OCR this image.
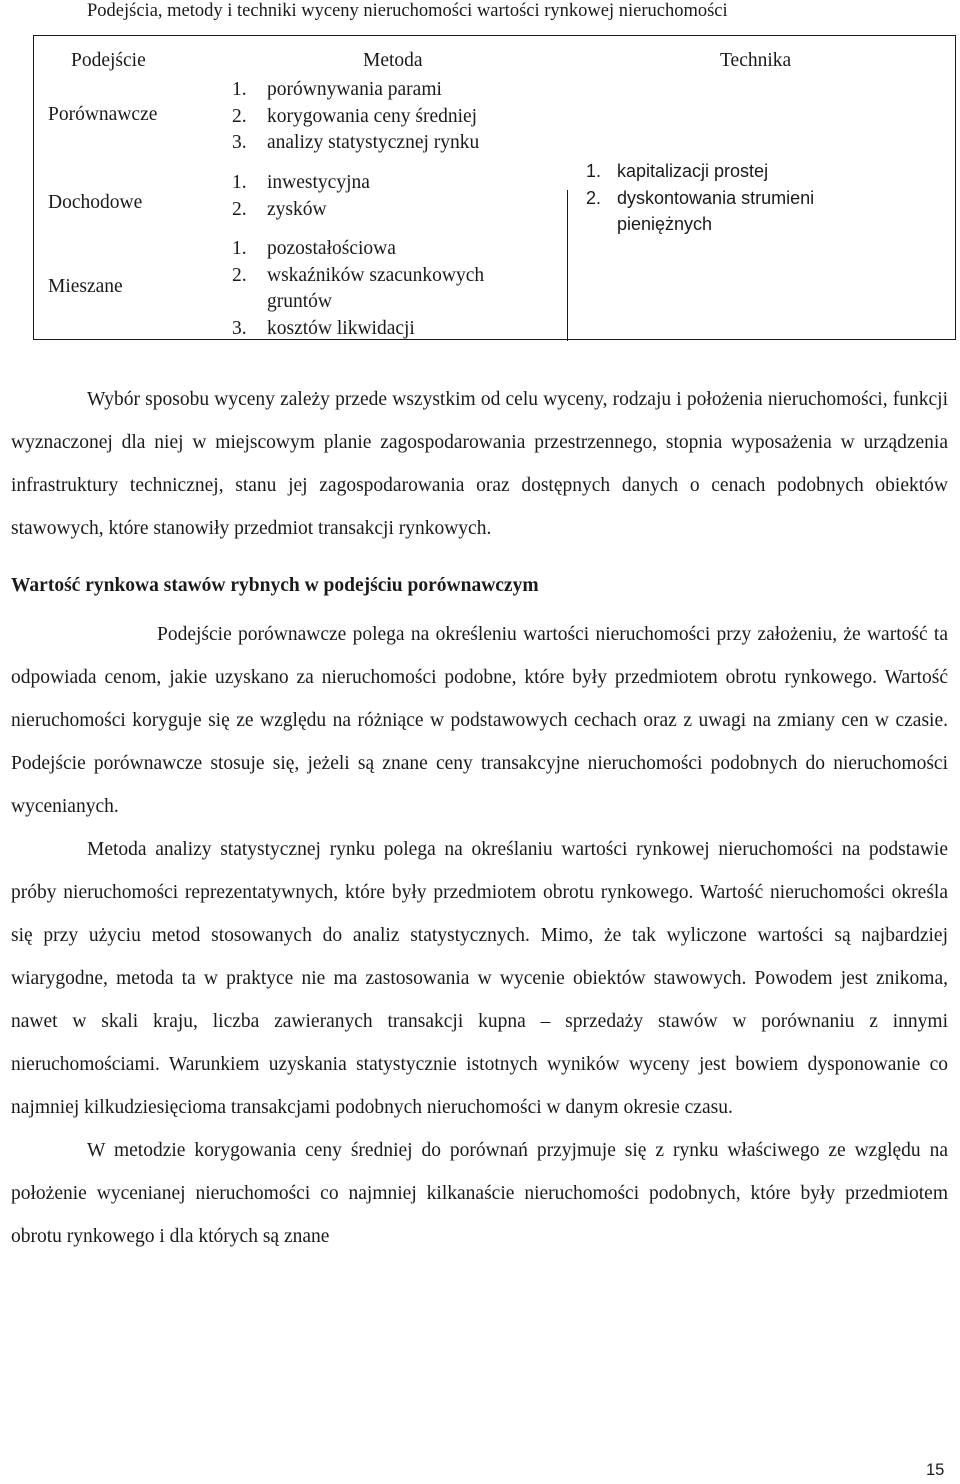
Podejścia, metody i techniki wyceny nieruchomości wartości rynkowej nieruchomości
Podejście	Metoda	Technika
Porównawcze
1. porównywania parami
2. korygowania ceny średniej
3. analizy statystycznej rynku
Dochodowe
1. inwestycyjna
2. zysków
Mieszane
1. pozostałościowa
2. wskaźników szacunkowych gruntów
3. kosztów likwidacji
1. kapitalizacji prostej
2. dyskontowania strumieni pieniężnych

Wybór sposobu wyceny zależy przede wszystkim od celu wyceny, rodzaju i położenia nieruchomości, funkcji wyznaczonej dla niej w miejscowym planie zagospodarowania przestrzennego, stopnia wyposażenia w urządzenia infrastruktury technicznej, stanu jej zagospodarowania oraz dostępnych danych o cenach podobnych obiektów stawowych, które stanowiły przedmiot transakcji rynkowych.

Wartość rynkowa stawów rybnych w podejściu porównawczym

Podejście porównawcze polega na określeniu wartości nieruchomości przy założeniu, że wartość ta odpowiada cenom, jakie uzyskano za nieruchomości podobne, które były przedmiotem obrotu rynkowego. Wartość nieruchomości koryguje się ze względu na różniące w podstawowych cechach oraz z uwagi na zmiany cen w czasie. Podejście porównawcze stosuje się, jeżeli są znane ceny transakcyjne nieruchomości podobnych do nieruchomości wycenianych.

Metoda analizy statystycznej rynku polega na określaniu wartości rynkowej nieruchomości na podstawie próby nieruchomości reprezentatywnych, które były przedmiotem obrotu rynkowego. Wartość nieruchomości określa się przy użyciu metod stosowanych do analiz statystycznych. Mimo, że tak wyliczone wartości są najbardziej wiarygodne, metoda ta w praktyce nie ma zastosowania w wycenie obiektów stawowych. Powodem jest znikoma, nawet w skali kraju, liczba zawieranych transakcji kupna – sprzedaży stawów w porównaniu z innymi nieruchomościami. Warunkiem uzyskania statystycznie istotnych wyników wyceny jest bowiem dysponowanie co najmniej kilkudziesięcioma transakcjami podobnych nieruchomości w danym okresie czasu.

W metodzie korygowania ceny średniej do porównań przyjmuje się z rynku właściwego ze względu na położenie wycenianej nieruchomości co najmniej kilkanaście nieruchomości podobnych, które były przedmiotem obrotu rynkowego i dla których są znane

15
